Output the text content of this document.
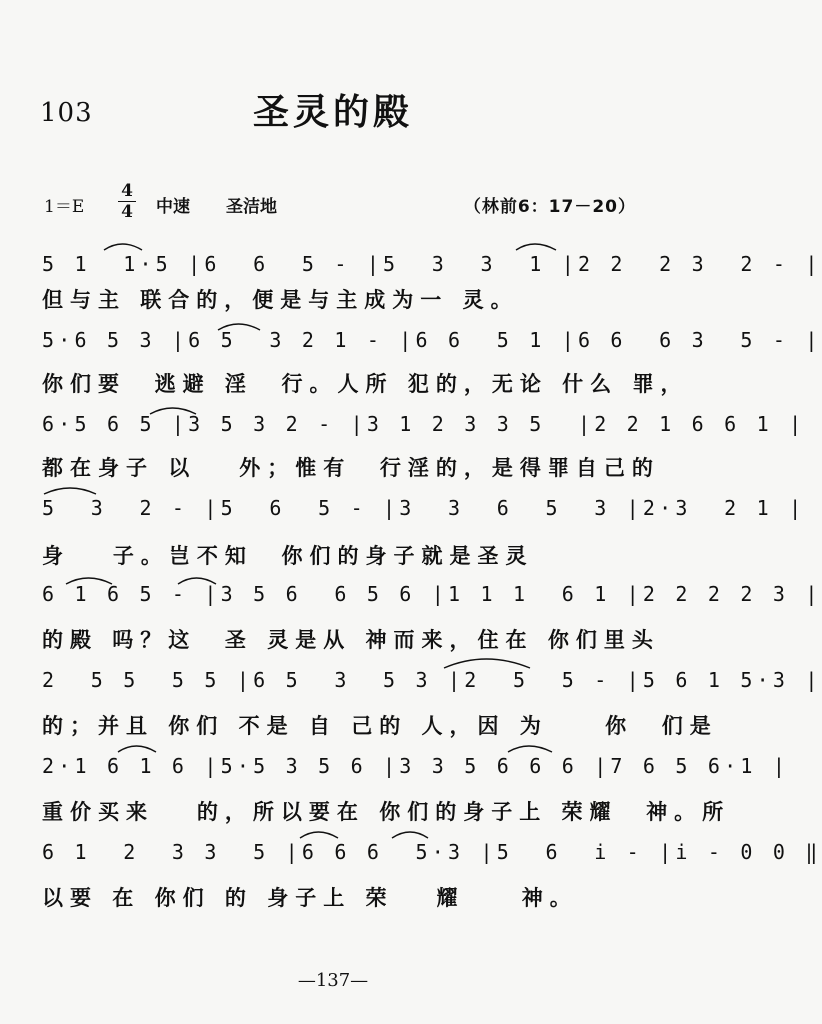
103	圣灵的殿
1＝E
4
4 中速 圣洁地	（林前6：17－20）
5 1  1·5 |6  6  5 - |5  3  3  1 |2 2  2 3  2 - |
但与主 联合的，便是与主成为一 灵。
5·6 5 3 |6 5  3 2 1 - |6 6  5 1 |6 6  6 3  5 - |
你们要  逃避 淫  行。人所 犯的，无论 什么 罪，
6·5 6 5 |3 5 3 2 - |3 1 2 3 3 5  |2 2 1 6 6 1 |
都在身子 以   外；惟有  行淫的，是得罪自己的
5  3  2 - |5  6  5 - |3  3  6  5  3 |2·3  2 1 |
身   子。岂不知  你们的身子就是圣灵
6 1 6 5 - |3 5 6  6 5 6 |1 1 1  6 1 |2 2 2 2 3 |
的殿 吗？这  圣 灵是从 神而来，住在 你们里头
2  5 5  5 5 |6 5  3  5 3 |2  5  5 - |5 6 1 5·3 |
的；并且 你们 不是 自 己的 人，因 为    你  们是
2·1 6 1 6 |5·5 3 5 6 |3 3 5 6 6 6 |7 6 5 6·1 |
重价买来   的，所以要在 你们的身子上 荣耀  神。所
6 1  2  3 3  5 |6 6 6  5·3 |5  6  i - |i - 0 0 ‖
以要 在 你们 的 身子上 荣   耀    神。
—137—
